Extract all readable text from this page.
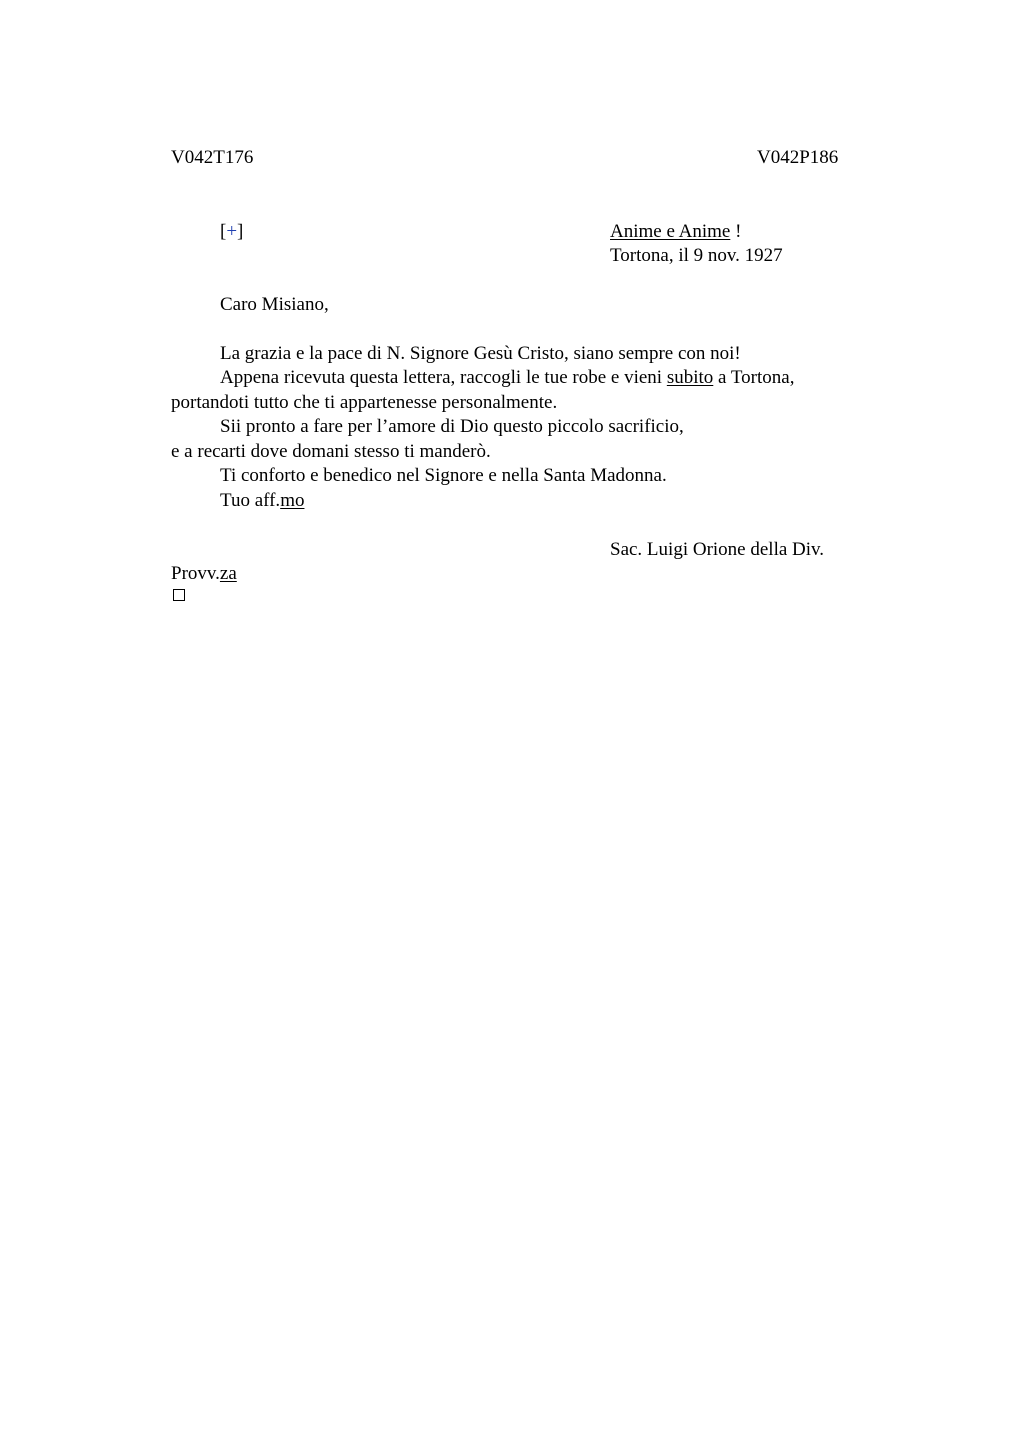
V042T176	V042P186
[+]	Anime e Anime !
Tortona, il 9 nov. 1927
Caro Misiano,
La grazia e la pace di N. Signore Gesù Cristo, siano sempre con noi!
Appena ricevuta questa lettera, raccogli le tue robe e vieni subito a Tortona,
portandoti tutto che ti appartenesse personalmente.
Sii pronto a fare per l’amore di Dio questo piccolo sacrificio,
e a recarti dove domani stesso ti manderò.
Ti conforto e benedico nel Signore e nella Santa Madonna.
Tuo aff.mo
Sac. Luigi Orione della Div.
Provv.za
